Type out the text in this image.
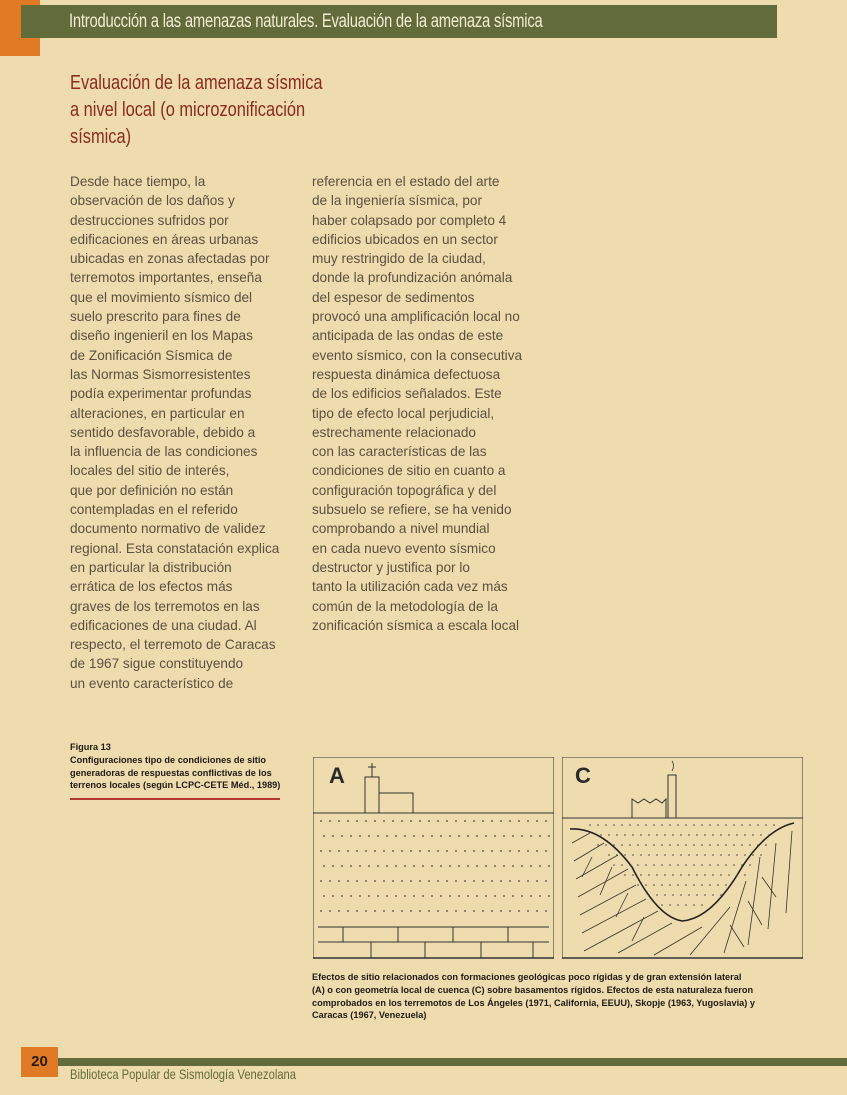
Introducción a las amenazas naturales. Evaluación de la amenaza sísmica
Evaluación de la amenaza sísmica
a nivel local (o microzonificación
sísmica)
Desde hace tiempo, la
observación de los daños y
destrucciones sufridos por
edificaciones en áreas urbanas
ubicadas en zonas afectadas por
terremotos importantes, enseña
que el movimiento sísmico del
suelo prescrito para fines de
diseño ingenieril en los Mapas
de Zonificación Sísmica de
las Normas Sismorresistentes
podía experimentar profundas
alteraciones, en particular en
sentido desfavorable, debido a
la influencia de las condiciones
locales del sitio de interés,
que por definición no están
contempladas en el referido
documento normativo de validez
regional. Esta constatación explica
en particular la distribución
errática de los efectos más
graves de los terremotos en las
edificaciones de una ciudad. Al
respecto, el terremoto de Caracas
de 1967 sigue constituyendo
un evento característico de
referencia en el estado del arte
de la ingeniería sísmica, por
haber colapsado por completo 4
edificios ubicados en un sector
muy restringido de la ciudad,
donde la profundización anómala
del espesor de sedimentos
provocó una amplificación local no
anticipada de las ondas de este
evento sísmico, con la consecutiva
respuesta dinámica defectuosa
de los edificios señalados. Este
tipo de efecto local perjudicial,
estrechamente relacionado
con las características de las
condiciones de sitio en cuanto a
configuración topográfica y del
subsuelo se refiere, se ha venido
comprobando a nivel mundial
en cada nuevo evento sísmico
destructor y justifica por lo
tanto la utilización cada vez más
común de la metodología de la
zonificación sísmica a escala local
Figura 13
Configuraciones tipo de condiciones de sitio
generadoras de respuestas conflictivas de los
terrenos locales (según LCPC-CETE Méd., 1989) A	C
Efectos de sitio relacionados con formaciones geológicas poco rígidas y de gran extensión lateral
(A) o con geometría local de cuenca (C) sobre basamentos rígidos. Efectos de esta naturaleza fueron
comprobados en los terremotos de Los Ángeles (1971, California, EEUU), Skopje (1963, Yugoslavia) y
Caracas (1967, Venezuela)
20
Biblioteca Popular de Sismología Venezolana
